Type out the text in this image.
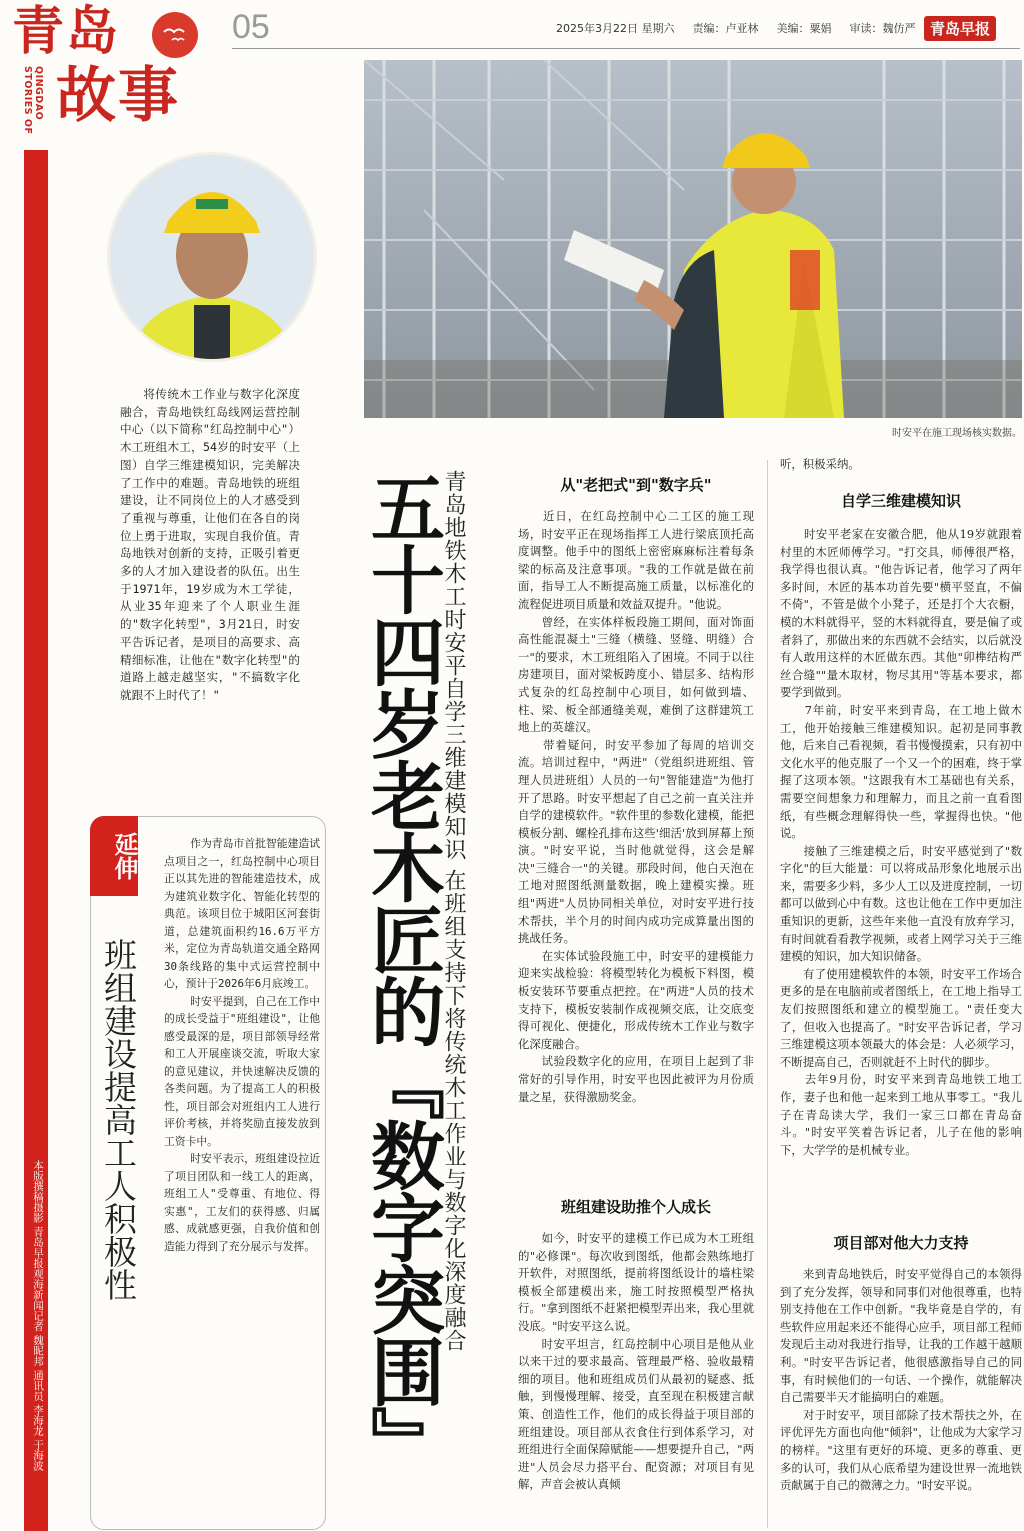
青岛
故事
QINGDAO STORIES OF
05	2025年3月22日 星期六 责编：卢亚林 美编：粟娟 审读：魏仿严 青岛早报
时安平在施工现场核实数据。

将传统木工作业与数字化深度融合，青岛地铁红岛线网运营控制中心（以下简称"红岛控制中心"）木工班组木工，54岁的时安平（上图）自学三维建模知识，完美解决了工作中的难题。青岛地铁的班组建设，让不同岗位上的人才感受到了重视与尊重，让他们在各自的岗位上勇于进取，实现自我价值。青岛地铁对创新的支持，正吸引着更多的人才加入建设者的队伍。出生于1971年，19岁成为木工学徒，从业35年迎来了个人职业生涯的"数字化转型"，3月21日，时安平告诉记者，是项目的高要求、高精细标准，让他在"数字化转型"的道路上越走越坚实，"不搞数字化就跟不上时代了！"	五十四岁老木匠的『数字突围』
青岛地铁木工时安平自学三维建模知识 在班组支持下将传统木工作业与数字化深度融合
延伸
班组建设提高工人积极性
作为青岛市首批智能建造试点项目之一，红岛控制中心项目正以其先进的智能建造技术，成为建筑业数字化、智能化转型的典范。该项目位于城阳区河套街道，总建筑面积约16.6万平方米，定位为青岛轨道交通全路网30条线路的集中式运营控制中心，预计于2026年6月底竣工。
时安平提到，自己在工作中的成长受益于"班组建设"，让他感受最深的是，项目部领导经常和工人开展座谈交流，听取大家的意见建议，并快速解决反馈的各类问题。为了提高工人的积极性，项目部会对班组内工人进行评价考核，并将奖励直接发放到工资卡中。
时安平表示，班组建设拉近了项目团队和一线工人的距离，班组工人"受尊重、有地位、得实惠"，工友们的获得感、归属感、成就感更强，自我价值和创造能力得到了充分展示与发挥。
本版撰稿摄影 青岛早报观海新闻记者 魏昵邦 通讯员 李海龙 于海波
从"老把式"到"数字兵"
　　近日，在红岛控制中心二工区的施工现场，时安平正在现场指挥工人进行梁底顶托高度调整。他手中的图纸上密密麻麻标注着每条梁的标高及注意事项。"我的工作就是做在前面，指导工人不断提高施工质量，以标准化的流程促进项目质量和效益双提升。"他说。
　　曾经，在实体样板段施工期间，面对饰面高性能混凝土"三缝（横缝、竖缝、明缝）合一"的要求，木工班组陷入了困境。不同于以往房建项目，面对梁板跨度小、错层多、结构形式复杂的红岛控制中心项目，如何做到墙、柱、梁、板全部通缝美观，难倒了这群建筑工地上的英雄汉。
　　带着疑问，时安平参加了每周的培训交流。培训过程中，"两进"（党组织进班组、管理人员进班组）人员的一句"智能建造"为他打开了思路。时安平想起了自己之前一直关注并自学的建模软件。"软件里的参数化建模，能把模板分割、螺栓孔排布这些'细活'放到屏幕上预演。"时安平说，当时他就觉得，这会是解决"三缝合一"的关键。那段时间，他白天泡在工地对照图纸测量数据，晚上建模实操。班组"两进"人员协同相关单位，对时安平进行技术帮扶，半个月的时间内成功完成算量出图的挑战任务。
　　在实体试验段施工中，时安平的建模能力迎来实战检验：将模型转化为模板下料图，模板安装环节要重点把控。在"两进"人员的技术支持下，模板安装制作成视频交底，让交底变得可视化、便捷化，形成传统木工作业与数字化深度融合。
　　试验段数字化的应用，在项目上起到了非常好的引导作用，时安平也因此被评为月份质量之星，获得激励奖金。
班组建设助推个人成长
　　如今，时安平的建模工作已成为木工班组的"必修课"。每次收到图纸，他都会熟练地打开软件，对照图纸，提前将图纸设计的墙柱梁模板全部建模出来，施工时按照模型严格执行。"拿到图纸不赶紧把模型弄出来，我心里就没底。"时安平这么说。
　　时安平坦言，红岛控制中心项目是他从业以来干过的要求最高、管理最严格、验收最精细的项目。他和班组成员们从最初的疑惑、抵触，到慢慢理解、接受，直至现在积极建言献策、创造性工作，他们的成长得益于项目部的班组建设。项目部从衣食住行到体系学习，对班组进行全面保障赋能——想要提升自己，"两进"人员会尽力搭平台、配资源；对项目有见解，声音会被认真倾
听，积极采纳。
自学三维建模知识
　　时安平老家在安徽合肥，他从19岁就跟着村里的木匠师傅学习。"打交具，师傅很严格，我学得也很认真。"他告诉记者，他学习了两年多时间，木匠的基本功首先要"横平竖直，不偏不倚"，不管是做个小凳子，还是打个大衣橱，模的木料就得平，竖的木料就得直，要是偏了或者斜了，那做出来的东西就不会结实，以后就没有人敢用这样的木匠做东西。其他"卯榫结构严丝合缝""量木取材，物尽其用"等基本要求，都要学到做到。
　　7年前，时安平来到青岛，在工地上做木工，他开始接触三维建模知识。起初是同事教他，后来自己看视频，看书慢慢摸索，只有初中文化水平的他克服了一个又一个的困难，终于掌握了这项本领。"这跟我有木工基础也有关系，需要空间想象力和理解力，而且之前一直看图纸，有些概念理解得快一些，掌握得也快。"他说。
　　接触了三维建模之后，时安平感觉到了"数字化"的巨大能量：可以将成品形象化地展示出来，需要多少料，多少人工以及进度控制，一切都可以做到心中有数。这也让他在工作中更加注重知识的更新，这些年来他一直没有放弃学习，有时间就看看教学视频，或者上网学习关于三维建模的知识，加大知识储备。
　　有了使用建模软件的本领，时安平工作场合更多的是在电脑前或者图纸上，在工地上指导工友们按照图纸和建立的模型施工。"责任变大了，但收入也提高了。"时安平告诉记者，学习三维建模这项本领最大的体会是：人必须学习，不断提高自己，否则就赶不上时代的脚步。
　　去年9月份，时安平来到青岛地铁工地工作，妻子也和他一起来到工地从事零工。"我儿子在青岛读大学，我们一家三口都在青岛奋斗。"时安平笑着告诉记者，儿子在他的影响下，大学学的是机械专业。
项目部对他大力支持
　　来到青岛地铁后，时安平觉得自己的本领得到了充分发挥，领导和同事们对他很尊重，也特别支持他在工作中创新。"我毕竟是自学的，有些软件应用起来还不能得心应手，项目部工程师发现后主动对我进行指导，让我的工作越干越顺利。"时安平告诉记者，他很感激指导自己的同事，有时候他们的一句话、一个操作，就能解决自己需要半天才能搞明白的难题。
　　对于时安平，项目部除了技术帮扶之外，在评优评先方面也向他"倾斜"，让他成为大家学习的榜样。"这里有更好的环境、更多的尊重、更多的认可，我们从心底希望为建设世界一流地铁贡献属于自己的微薄之力。"时安平说。
